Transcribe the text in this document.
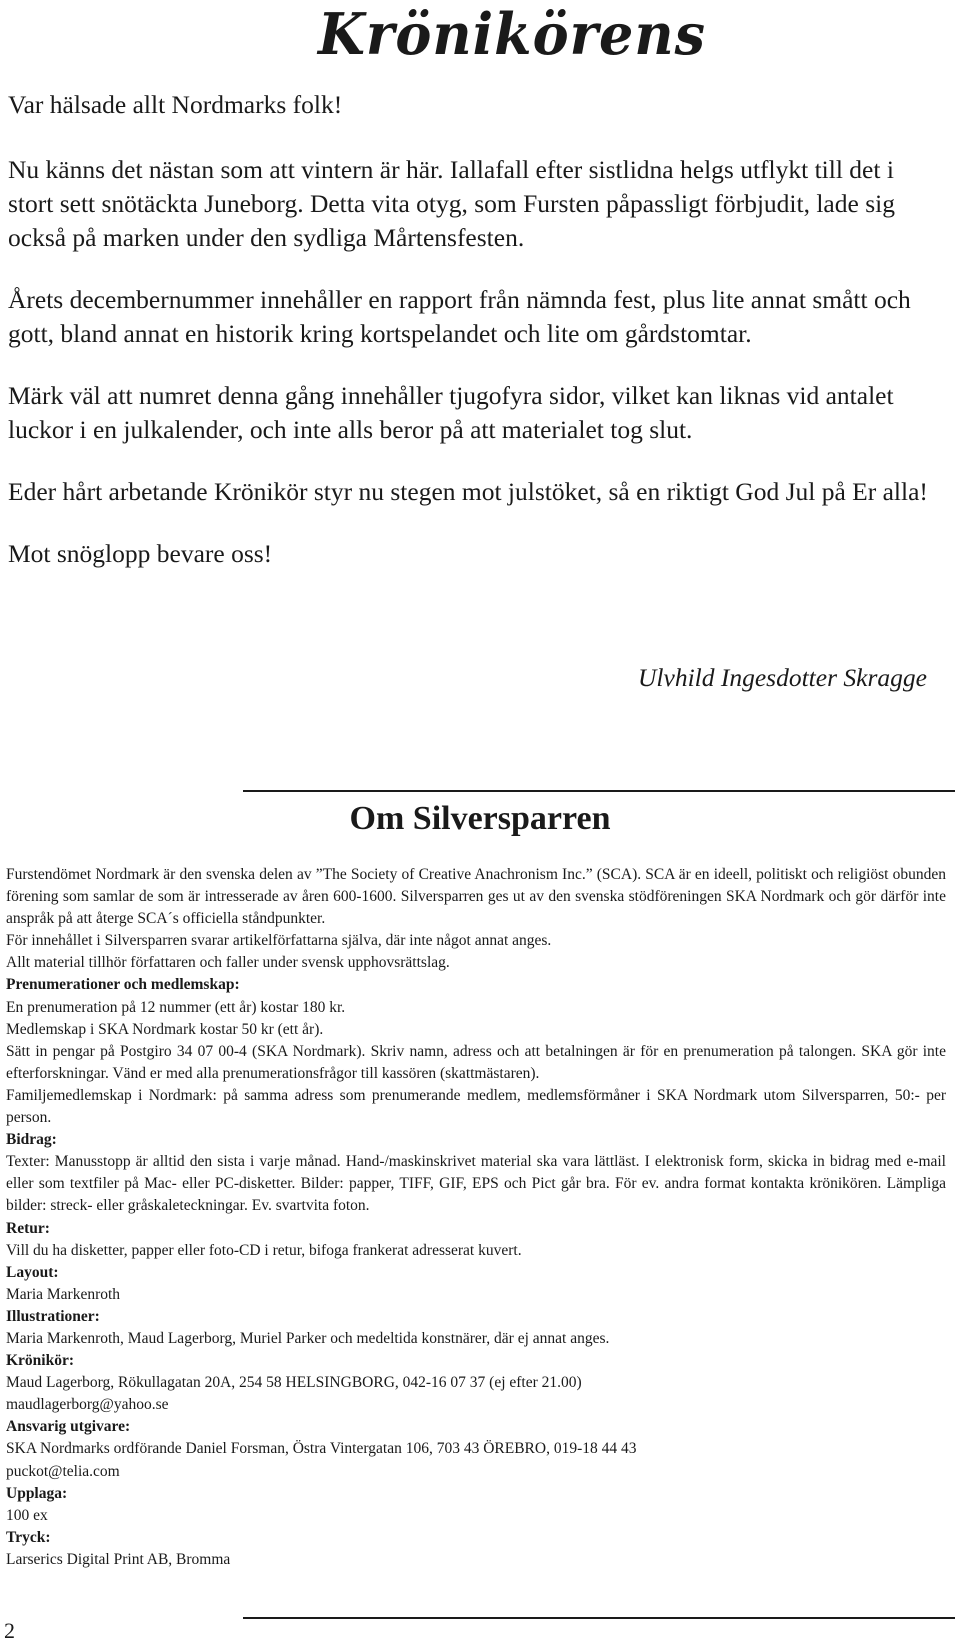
Krönikörens

Var hälsade allt Nordmarks folk!

Nu känns det nästan som att vintern är här. Iallafall efter sistlidna helgs utflykt till det i stort sett snötäckta Juneborg. Detta vita otyg, som Fursten påpassligt förbjudit, lade sig också på marken under den sydliga Mårtensfesten.

Årets decembernummer innehåller en rapport från nämnda fest, plus lite annat smått och gott, bland annat en historik kring kortspelandet och lite om gårdstomtar.

Märk väl att numret denna gång innehåller tjugofyra sidor, vilket kan liknas vid antalet luckor i en julkalender, och inte alls beror på att materialet tog slut.

Eder hårt arbetande Krönikör styr nu stegen mot julstöket, så en riktigt God Jul på Er alla!

Mot snöglopp bevare oss!

Ulvhild Ingesdotter Skragge
Om Silversparren

Furstendömet Nordmark är den svenska delen av ”The Society of Creative Anachronism Inc.” (SCA). SCA är en ideell, politiskt och religiöst obunden förening som samlar de som är intresserade av åren 600-1600. Silversparren ges ut av den svenska stödföreningen SKA Nordmark och gör därför inte anspråk på att återge SCA´s officiella ståndpunkter.

För innehållet i Silversparren svarar artikelförfattarna själva, där inte något annat anges.

Allt material tillhör författaren och faller under svensk upphovsrättslag.

Prenumerationer och medlemskap:

En prenumeration på 12 nummer (ett år) kostar 180 kr.

Medlemskap i SKA Nordmark kostar 50 kr (ett år).

Sätt in pengar på Postgiro 34 07 00-4 (SKA Nordmark). Skriv namn, adress och att betalningen är för en prenumeration på talongen. SKA gör inte efterforskningar. Vänd er med alla prenumerationsfrågor till kassören (skattmästaren).

Familjemedlemskap i Nordmark: på samma adress som prenumerande medlem, medlemsförmåner i SKA Nordmark utom Silversparren, 50:- per person.

Bidrag:

Texter: Manusstopp är alltid den sista i varje månad. Hand-/maskinskrivet material ska vara lättläst. I elektronisk form, skicka in bidrag med e-mail eller som textfiler på Mac- eller PC-disketter. Bilder: papper, TIFF, GIF, EPS och Pict går bra. För ev. andra format kontakta krönikören. Lämpliga bilder: streck- eller gråskaleteckningar. Ev. svartvita foton.

Retur:

Vill du ha disketter, papper eller foto-CD i retur, bifoga frankerat adresserat kuvert.

Layout:

Maria Markenroth

Illustrationer:

Maria Markenroth, Maud Lagerborg, Muriel Parker och medeltida konstnärer, där ej annat anges.

Krönikör:

Maud Lagerborg, Rökullagatan 20A, 254 58 HELSINGBORG, 042-16 07 37 (ej efter 21.00)

maudlagerborg@yahoo.se

Ansvarig utgivare:

SKA Nordmarks ordförande Daniel Forsman, Östra Vintergatan 106, 703 43 ÖREBRO, 019-18 44 43

puckot@telia.com

Upplaga:

100 ex

Tryck:

Larserics Digital Print AB, Bromma

2
